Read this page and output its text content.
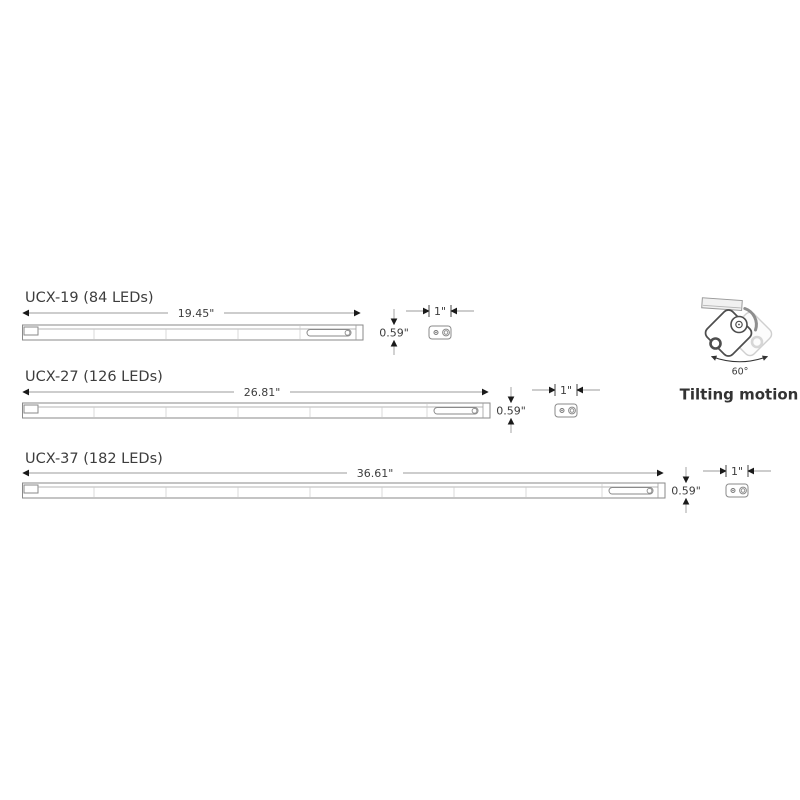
UCX-19 (84 LEDs)
19.45"
0.59"
1"
UCX-27 (126 LEDs)
26.81"
0.59"
1"
UCX-37 (182 LEDs)
36.61"
0.59"
1"
60°
Tilting motion
